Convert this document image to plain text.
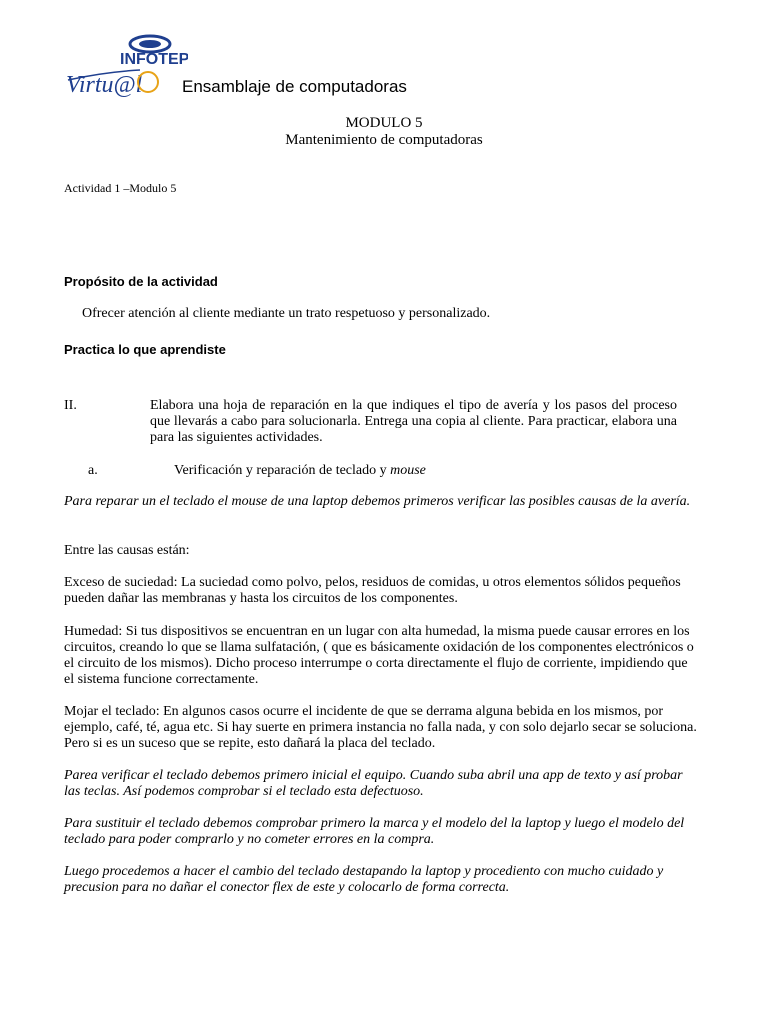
INFOTEP
Virtu@l Ensamblaje de computadoras
MODULO 5
Mantenimiento de computadoras
Actividad 1 –Modulo 5
Propósito de la actividad
Ofrecer atención al cliente mediante un trato respetuoso y personalizado.
Practica lo que aprendiste
II.	Elabora una hoja de reparación en la que indiques el tipo de avería y los pasos del proceso que llevarás a cabo para solucionarla. Entrega una copia al cliente. Para practicar, elabora una para las siguientes actividades.
a.	Verificación y reparación de teclado y mouse
Para reparar un el teclado el mouse de una laptop debemos primeros verificar las posibles causas de la avería.
Entre las causas están:
Exceso de suciedad: La suciedad como polvo, pelos, residuos de comidas, u otros elementos sólidos pequeños pueden dañar las membranas y hasta los circuitos de los componentes.
Humedad: Si tus dispositivos se encuentran en un lugar con alta humedad, la misma puede causar errores en los circuitos, creando lo que se llama sulfatación, ( que es básicamente oxidación de los componentes electrónicos o el circuito de los mismos). Dicho proceso interrumpe o corta directamente el flujo de corriente, impidiendo que el sistema funcione correctamente.
Mojar el teclado: En algunos casos ocurre el incidente de que se derrama alguna bebida en los mismos, por ejemplo, café, té, agua etc. Si hay suerte en primera instancia no falla nada, y con solo dejarlo secar se soluciona. Pero si es un suceso que se repite, esto dañará la placa del teclado.
Parea verificar el teclado debemos primero inicial el equipo. Cuando suba abril una app de texto y así probar las teclas. Así podemos comprobar si el teclado esta defectuoso.
Para sustituir el teclado debemos comprobar primero la marca y el modelo del la laptop y luego el modelo del teclado para poder comprarlo y no cometer errores en la compra.
Luego procedemos a hacer el cambio del teclado destapando la laptop y procediento con mucho cuidado y precusion para no dañar el conector flex de este y colocarlo de forma correcta.
